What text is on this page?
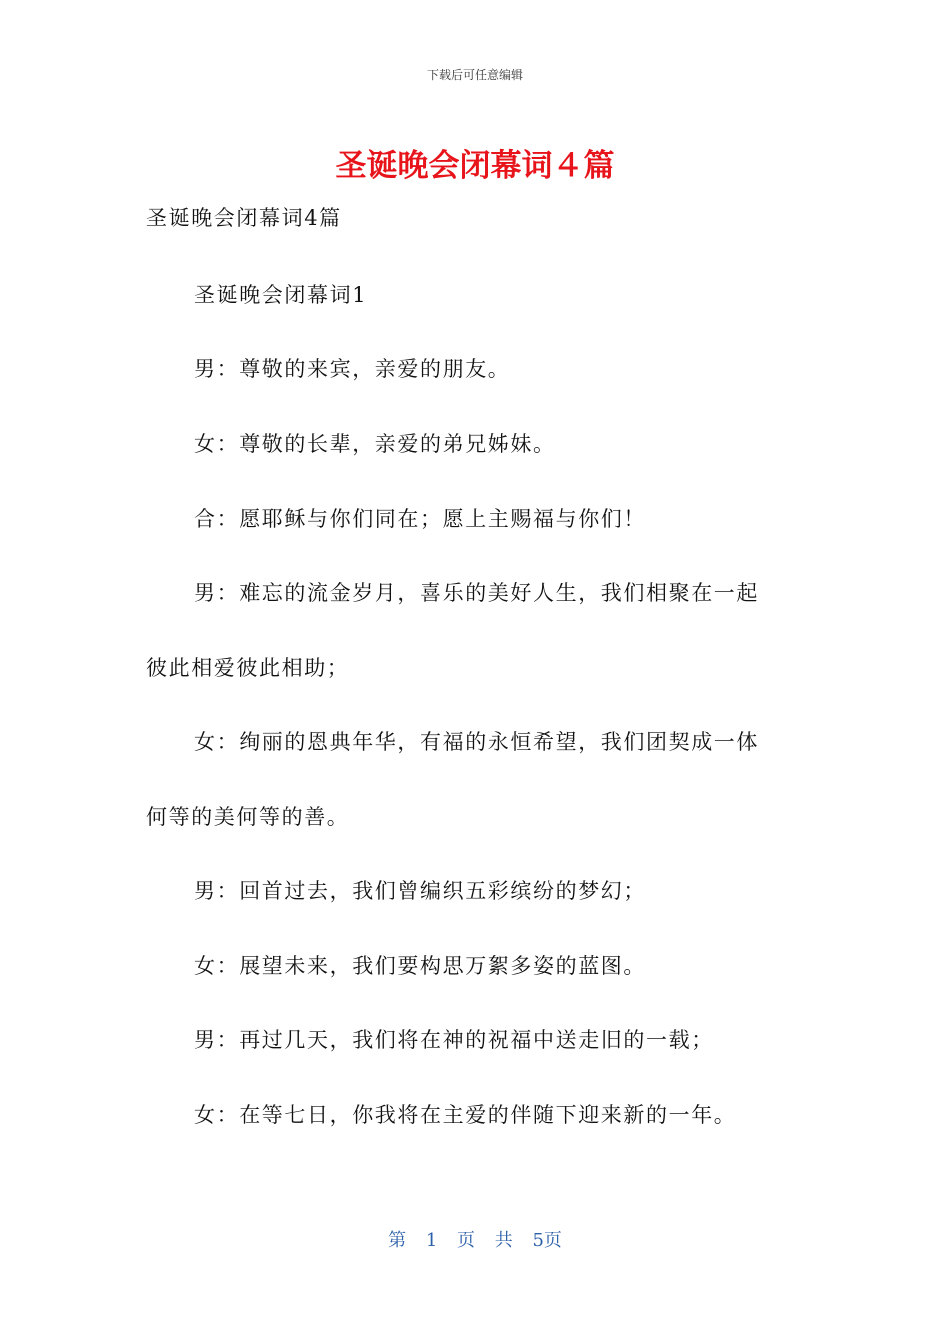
下载后可任意编辑
圣诞晚会闭幕词４篇
圣诞晚会闭幕词4篇
圣诞晚会闭幕词1
男：尊敬的来宾，亲爱的朋友。
女：尊敬的长辈，亲爱的弟兄姊妹。
合：愿耶稣与你们同在；愿上主赐福与你们！
男：难忘的流金岁月，喜乐的美好人生，我们相聚在一起
彼此相爱彼此相助；
女：绚丽的恩典年华，有福的永恒希望，我们团契成一体
何等的美何等的善。
男：回首过去，我们曾编织五彩缤纷的梦幻；
女：展望未来，我们要构思万絮多姿的蓝图。
男：再过几天，我们将在神的祝福中送走旧的一载；
女：在等七日，你我将在主爱的伴随下迎来新的一年。
第 1 页 共 5页
